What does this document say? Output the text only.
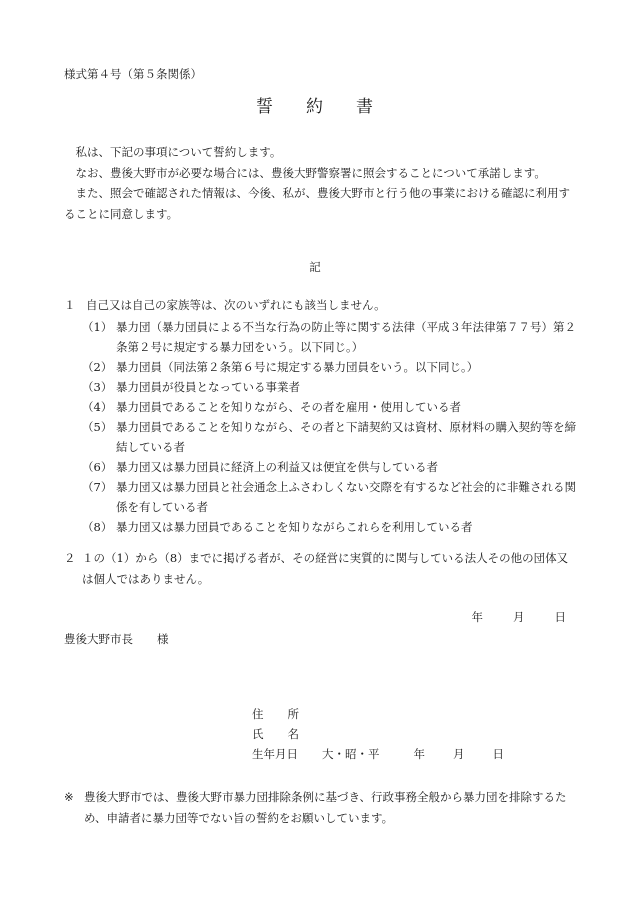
様式第４号（第５条関係）
誓 約 書

私は、下記の事項について誓約します。

なお、豊後大野市が必要な場合には、豊後大野警察署に照会することについて承諾します。

また、照会で確認された情報は、今後、私が、豊後大野市と行う他の事業における確認に利用することに同意します。

記
１ 自己又は自己の家族等は、次のいずれにも該当しません。
（1） 暴力団（暴力団員による不当な行為の防止等に関する法律（平成３年法律第７７号）第２条第２号に規定する暴力団をいう。以下同じ。）
（2） 暴力団員（同法第２条第６号に規定する暴力団員をいう。以下同じ。）
（3） 暴力団員が役員となっている事業者
（4） 暴力団員であることを知りながら、その者を雇用・使用している者
（5） 暴力団員であることを知りながら、その者と下請契約又は資材、原材料の購入契約等を締結している者
（6） 暴力団又は暴力団員に経済上の利益又は便宜を供与している者
（7） 暴力団又は暴力団員と社会通念上ふさわしくない交際を有するなど社会的に非難される関係を有している者
（8） 暴力団又は暴力団員であることを知りながらこれらを利用している者
２ １の（1）から（8）までに掲げる者が、その経営に実質的に関与している法人その他の団体又は個人ではありません。
年	月	日
豊後大野市長 様
住 所
氏 名
生年月日 大・昭・平	年 月 日
※ 豊後大野市では、豊後大野市暴力団排除条例に基づき、行政事務全般から暴力団を排除するため、申請者に暴力団等でない旨の誓約をお願いしています。
